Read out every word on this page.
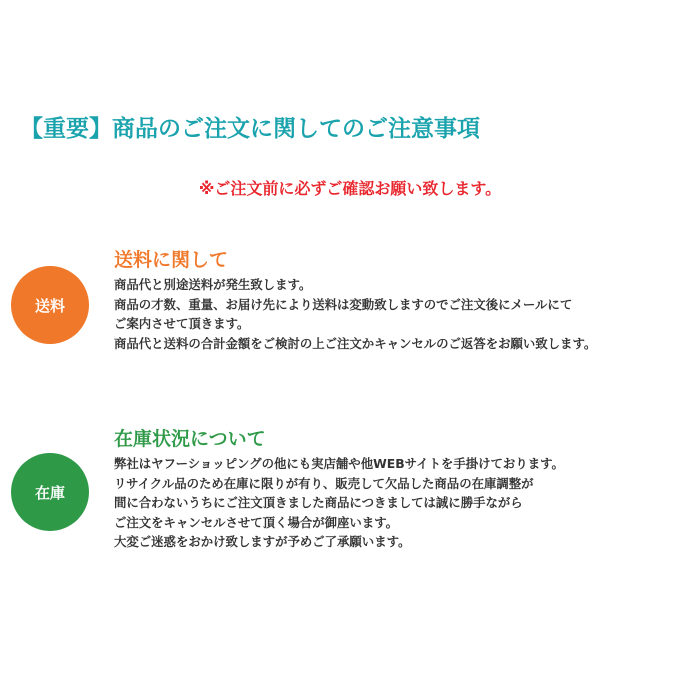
【重要】商品のご注文に関してのご注意事項

※ご注文前に必ずご確認お願い致します。

送料
送料に関して

商品代と別途送料が発生致します。

商品の才数、重量、お届け先により送料は変動致しますのでご注文後にメールにて

ご案内させて頂きます。

商品代と送料の合計金額をご検討の上ご注文かキャンセルのご返答をお願い致します。

在庫
在庫状況について

弊社はヤフーショッピングの他にも実店舗や他WEBサイトを手掛けております。

リサイクル品のため在庫に限りが有り、販売して欠品した商品の在庫調整が

間に合わないうちにご注文頂きました商品につきましては誠に勝手ながら

ご注文をキャンセルさせて頂く場合が御座います。

大変ご迷惑をおかけ致しますが予めご了承願います。
